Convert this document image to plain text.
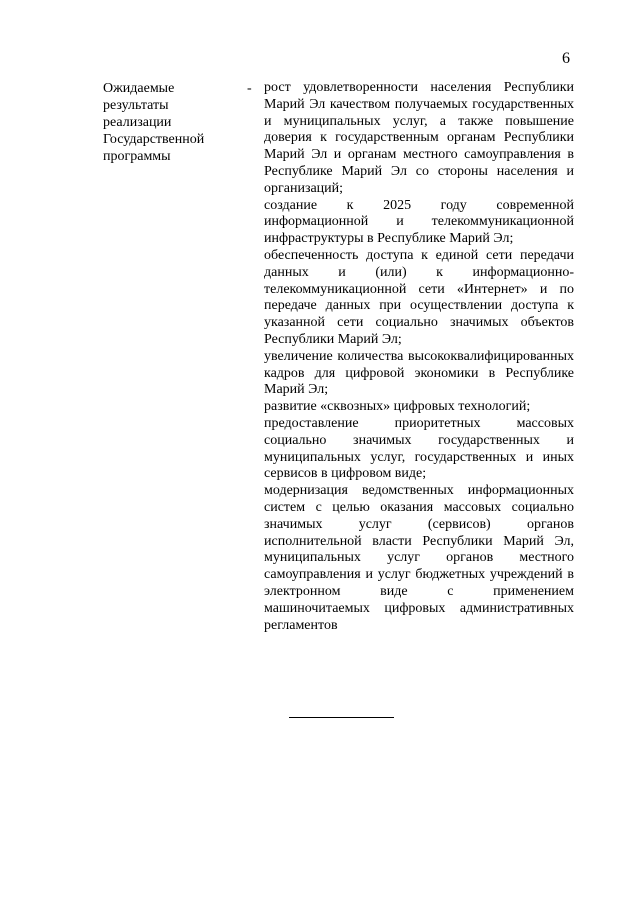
6
Ожидаемые
результаты
реализации
Государственной
программы
- рост удовлетворенности населения Республики Марий Эл качеством получаемых государственных и муниципальных услуг, а также повышение доверия к государственным органам Республики Марий Эл и органам местного самоуправления в Республике Марий Эл со стороны населения и организаций;

создание к 2025 году современной информационной и телекоммуникационной инфраструктуры в Республике Марий Эл;

обеспеченность доступа к единой сети передачи данных и (или) к информационно-телекоммуникационной сети «Интернет» и по передаче данных при осуществлении доступа к указанной сети социально значимых объектов Республики Марий Эл;

увеличение количества высококвалифицированных кадров для цифровой экономики в Республике Марий Эл;

развитие «сквозных» цифровых технологий;

предоставление приоритетных массовых социально значимых государственных и муниципальных услуг, государственных и иных сервисов в цифровом виде;

модернизация ведомственных информационных систем с целью оказания массовых социально значимых услуг (сервисов) органов исполнительной власти Республики Марий Эл, муниципальных услуг органов местного самоуправления и услуг бюджетных учреждений в электронном виде с применением машиночитаемых цифровых административных регламентов
